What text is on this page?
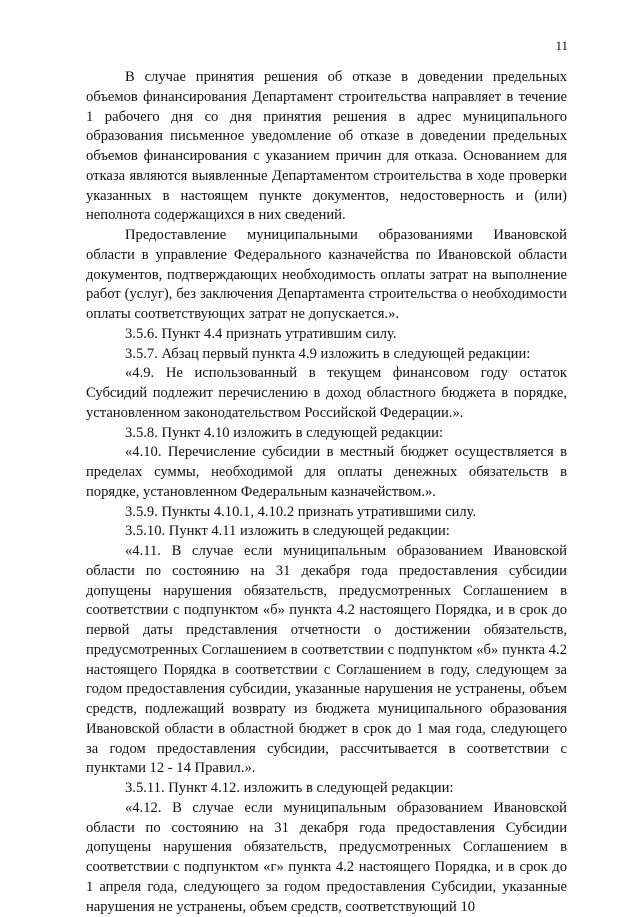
11

В случае принятия решения об отказе в доведении предельных объемов финансирования Департамент строительства направляет в течение 1 рабочего дня со дня принятия решения в адрес муниципального образования письменное уведомление об отказе в доведении предельных объемов финансирования с указанием причин для отказа. Основанием для отказа являются выявленные Департаментом строительства в ходе проверки указанных в настоящем пункте документов, недостоверность и (или) неполнота содержащихся в них сведений.

Предоставление муниципальными образованиями Ивановской области в управление Федерального казначейства по Ивановской области документов, подтверждающих необходимость оплаты затрат на выполнение работ (услуг), без заключения Департамента строительства о необходимости оплаты соответствующих затрат не допускается.».

3.5.6. Пункт 4.4 признать утратившим силу.

3.5.7. Абзац первый пункта 4.9 изложить в следующей редакции:

«4.9. Не использованный в текущем финансовом году остаток Субсидий подлежит перечислению в доход областного бюджета в порядке, установленном законодательством Российской Федерации.».

3.5.8. Пункт 4.10 изложить в следующей редакции:

«4.10. Перечисление субсидии в местный бюджет осуществляется в пределах суммы, необходимой для оплаты денежных обязательств в порядке, установленном Федеральным казначейством.».

3.5.9. Пункты 4.10.1, 4.10.2 признать утратившими силу.

3.5.10. Пункт 4.11 изложить в следующей редакции:

«4.11. В случае если муниципальным образованием Ивановской области по состоянию на 31 декабря года предоставления субсидии допущены нарушения обязательств, предусмотренных Соглашением в соответствии с подпунктом «б» пункта 4.2 настоящего Порядка, и в срок до первой даты представления отчетности о достижении обязательств, предусмотренных Соглашением в соответствии с подпунктом «б» пункта 4.2 настоящего Порядка в соответствии с Соглашением в году, следующем за годом предоставления субсидии, указанные нарушения не устранены, объем средств, подлежащий возврату из бюджета муниципального образования Ивановской области в областной бюджет в срок до 1 мая года, следующего за годом предоставления субсидии, рассчитывается в соответствии с пунктами 12 - 14 Правил.».

3.5.11. Пункт 4.12. изложить в следующей редакции:

«4.12. В случае если муниципальным образованием Ивановской области по состоянию на 31 декабря года предоставления Субсидии допущены нарушения обязательств, предусмотренных Соглашением в соответствии с подпунктом «г» пункта 4.2 настоящего Порядка, и в срок до 1 апреля года, следующего за годом предоставления Субсидии, указанные нарушения не устранены, объем средств, соответствующий 10
